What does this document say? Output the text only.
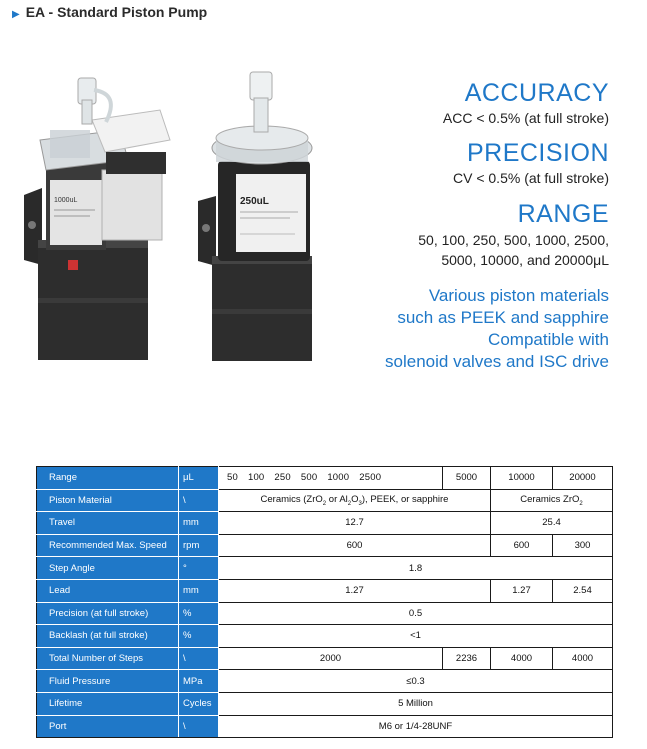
▶ EA - Standard Piston Pump
1000uL	250uL
ACCURACY
ACC < 0.5% (at full stroke)
PRECISION
CV < 0.5% (at full stroke)
RANGE
50, 100, 250, 500, 1000, 2500,
5000, 10000, and 20000μL
Various piston materials
such as PEEK and sapphire
Compatible with
solenoid valves and ISC drive
Range	μL	50 100 250 500 1000 2500	5000	10000	20000
Piston Material	\	Ceramics (ZrO$_2$ or $Al_2O_3$), PEEK, or sapphire		Ceramics ZrO$_2$
Travel	mm	12.7		25.4	
Recommended Max. Speed	rpm	600		600	300
Step Angle	°	1.8			
Lead	mm	1.27		1.27	2.54
Precision (at full stroke)	%	0.5			
Backlash (at full stroke)	%	<1			
Total Number of Steps	\	2000	2236	4000	4000
Fluid Pressure	MPa	≤0.3			
Lifetime	Cycles	5 Million			
Port	\	M6 or 1/4-28UNF			
